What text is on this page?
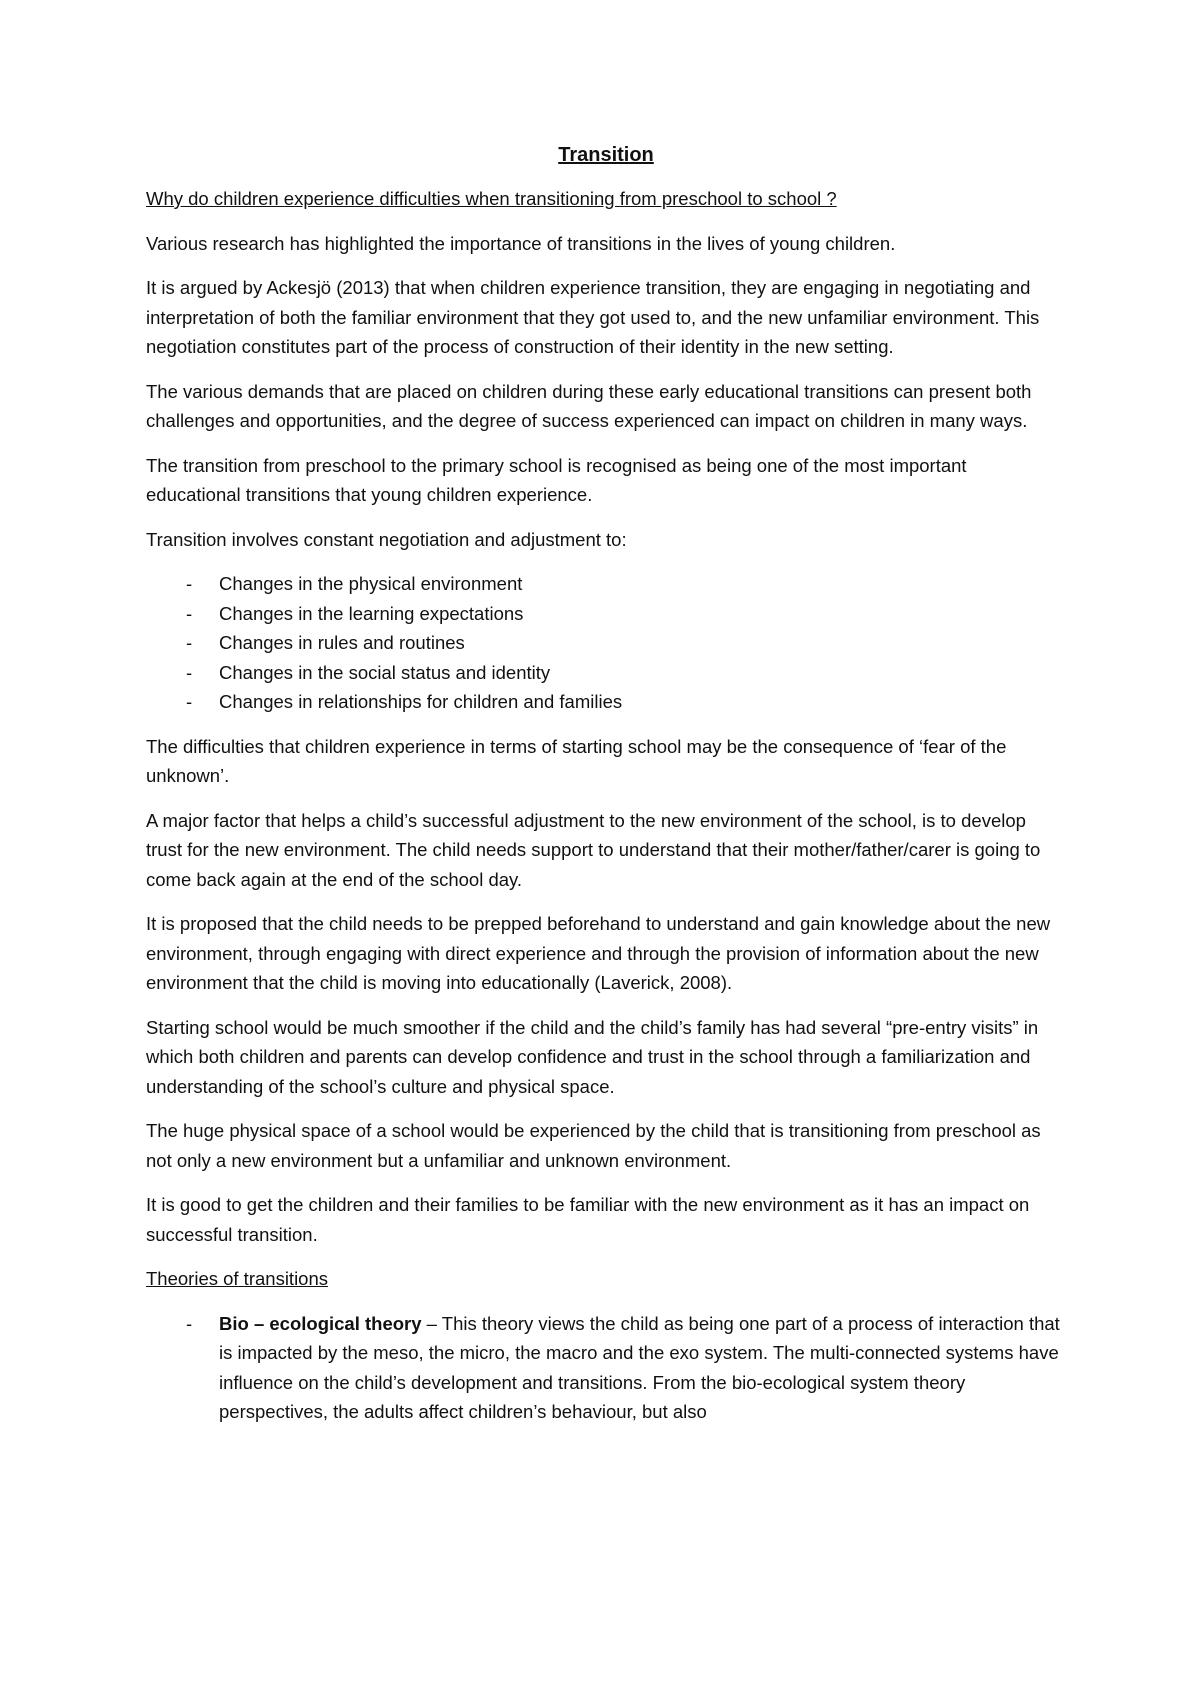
Transition

Why do children experience difficulties when transitioning from preschool to school ?

Various research has highlighted the importance of transitions in the lives of young children.

It is argued by Ackesjö (2013) that when children experience transition, they are engaging in negotiating and interpretation of both the familiar environment that they got used to, and the new unfamiliar environment. This negotiation constitutes part of the process of construction of their identity in the new setting.

The various demands that are placed on children during these early educational transitions can present both challenges and opportunities, and the degree of success experienced can impact on children in many ways.

The transition from preschool to the primary school is recognised as being one of the most important educational transitions that young children experience.

Transition involves constant negotiation and adjustment to:

- Changes in the physical environment
- Changes in the learning expectations
- Changes in rules and routines
- Changes in the social status and identity
- Changes in relationships for children and families

The difficulties that children experience in terms of starting school may be the consequence of ‘fear of the unknown’.

A major factor that helps a child’s successful adjustment to the new environment of the school, is to develop trust for the new environment. The child needs support to understand that their mother/father/carer is going to come back again at the end of the school day.

It is proposed that the child needs to be prepped beforehand to understand and gain knowledge about the new environment, through engaging with direct experience and through the provision of information about the new environment that the child is moving into educationally (Laverick, 2008).

Starting school would be much smoother if the child and the child’s family has had several “pre-entry visits” in which both children and parents can develop confidence and trust in the school through a familiarization and understanding of the school’s culture and physical space.

The huge physical space of a school would be experienced by the child that is transitioning from preschool as not only a new environment but a unfamiliar and unknown environment.

It is good to get the children and their families to be familiar with the new environment as it has an impact on successful transition.

Theories of transitions

- Bio – ecological theory – This theory views the child as being one part of a process of interaction that is impacted by the meso, the micro, the macro and the exo system. The multi-connected systems have influence on the child’s development and transitions. From the bio-ecological system theory perspectives, the adults affect children’s behaviour, but also
